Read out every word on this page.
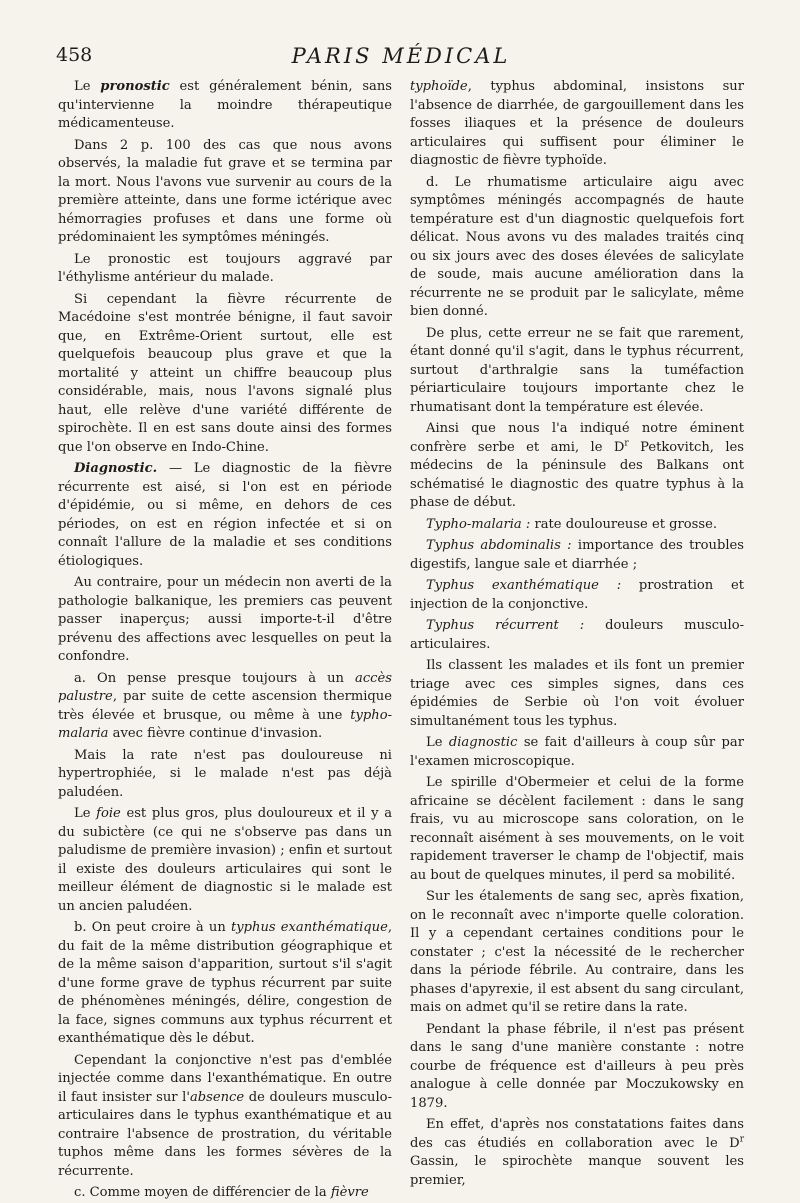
458	PARIS MÉDICAL

Le pronostic est généralement bénin, sans qu'intervienne la moindre thérapeutique médicamenteuse.

Dans 2 p. 100 des cas que nous avons observés, la maladie fut grave et se termina par la mort. Nous l'avons vue survenir au cours de la première atteinte, dans une forme ictérique avec hémorragies profuses et dans une forme où prédominaient les symptômes méningés.

Le pronostic est toujours aggravé par l'éthylisme antérieur du malade.

Si cependant la fièvre récurrente de Macédoine s'est montrée bénigne, il faut savoir que, en Extrême-Orient surtout, elle est quelquefois beaucoup plus grave et que la mortalité y atteint un chiffre beaucoup plus considérable, mais, nous l'avons signalé plus haut, elle relève d'une variété différente de spirochète. Il en est sans doute ainsi des formes que l'on observe en Indo-Chine.

Diagnostic. — Le diagnostic de la fièvre récurrente est aisé, si l'on est en période d'épidémie, ou si même, en dehors de ces périodes, on est en région infectée et si on connaît l'allure de la maladie et ses conditions étiologiques.

Au contraire, pour un médecin non averti de la pathologie balkanique, les premiers cas peuvent passer inaperçus; aussi importe-t-il d'être prévenu des affections avec lesquelles on peut la confondre.

a. On pense presque toujours à un accès palustre, par suite de cette ascension thermique très élevée et brusque, ou même à une typho-malaria avec fièvre continue d'invasion.

Mais la rate n'est pas douloureuse ni hypertrophiée, si le malade n'est pas déjà paludéen.

Le foie est plus gros, plus douloureux et il y a du subictère (ce qui ne s'observe pas dans un paludisme de première invasion) ; enfin et surtout il existe des douleurs articulaires qui sont le meilleur élément de diagnostic si le malade est un ancien paludéen.

b. On peut croire à un typhus exanthématique, du fait de la même distribution géographique et de la même saison d'apparition, surtout s'il s'agit d'une forme grave de typhus récurrent par suite de phénomènes méningés, délire, congestion de la face, signes communs aux typhus récurrent et exanthématique dès le début.

Cependant la conjonctive n'est pas d'emblée injectée comme dans l'exanthématique. En outre il faut insister sur l'absence de douleurs musculo-articulaires dans le typhus exanthématique et au contraire l'absence de prostration, du véritable tuphos même dans les formes sévères de la récurrente.

c. Comme moyen de différencier de la fièvre

typhoïde, typhus abdominal, insistons sur l'absence de diarrhée, de gargouillement dans les fosses iliaques et la présence de douleurs articulaires qui suffisent pour éliminer le diagnostic de fièvre typhoïde.

d. Le rhumatisme articulaire aigu avec symptômes méningés accompagnés de haute température est d'un diagnostic quelquefois fort délicat. Nous avons vu des malades traités cinq ou six jours avec des doses élevées de salicylate de soude, mais aucune amélioration dans la récurrente ne se produit par le salicylate, même bien donné.

De plus, cette erreur ne se fait que rarement, étant donné qu'il s'agit, dans le typhus récurrent, surtout d'arthralgie sans la tuméfaction périarticulaire toujours importante chez le rhumatisant dont la température est élevée.

Ainsi que nous l'a indiqué notre éminent confrère serbe et ami, le $D^r$ Petkovitch, les médecins de la péninsule des Balkans ont schématisé le diagnostic des quatre typhus à la phase de début.

Typho-malaria : rate douloureuse et grosse.

Typhus abdominalis : importance des troubles digestifs, langue sale et diarrhée ;

Typhus exanthématique : prostration et injection de la conjonctive.

Typhus récurrent : douleurs musculo-articulaires.

Ils classent les malades et ils font un premier triage avec ces simples signes, dans ces épidémies de Serbie où l'on voit évoluer simultanément tous les typhus.

Le diagnostic se fait d'ailleurs à coup sûr par l'examen microscopique.

Le spirille d'Obermeier et celui de la forme africaine se décèlent facilement : dans le sang frais, vu au microscope sans coloration, on le reconnaît aisément à ses mouvements, on le voit rapidement traverser le champ de l'objectif, mais au bout de quelques minutes, il perd sa mobilité.

Sur les étalements de sang sec, après fixation, on le reconnaît avec n'importe quelle coloration. Il y a cependant certaines conditions pour le constater ; c'est la nécessité de le rechercher dans la période fébrile. Au contraire, dans les phases d'apyrexie, il est absent du sang circulant, mais on admet qu'il se retire dans la rate.

Pendant la phase fébrile, il n'est pas présent dans le sang d'une manière constante : notre courbe de fréquence est d'ailleurs à peu près analogue à celle donnée par Moczukowsky en 1879.

En effet, d'après nos constatations faites dans des cas étudiés en collaboration avec le $D^r$ Gassin, le spirochète manque souvent les premier,
